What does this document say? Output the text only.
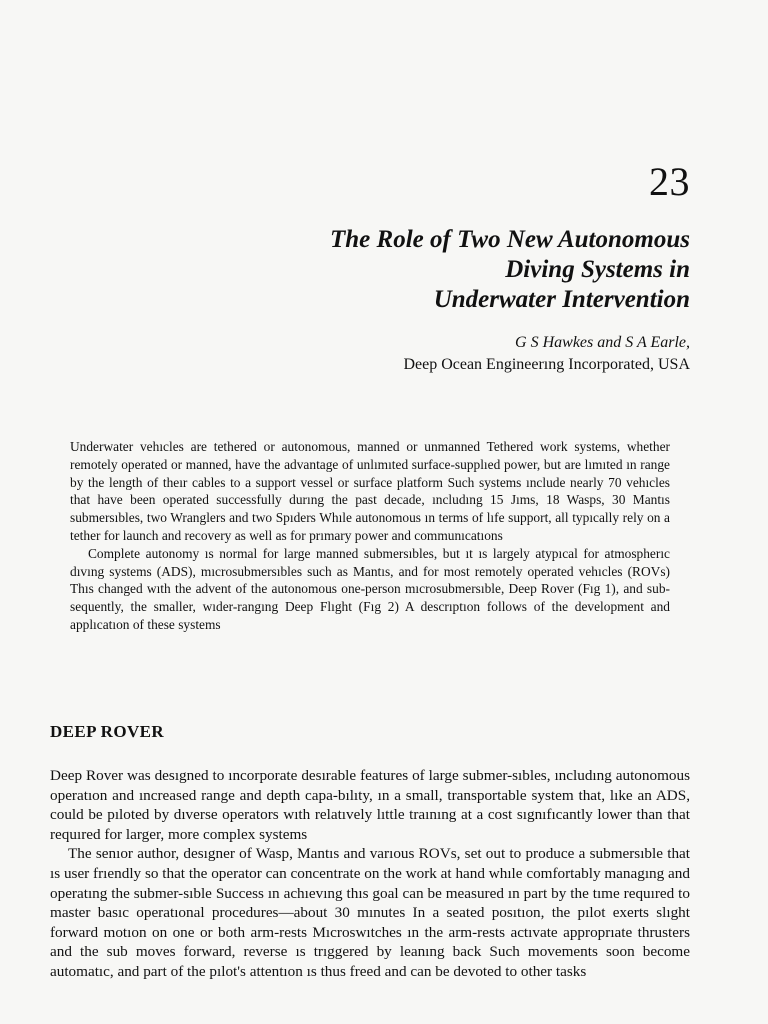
23
The Role of Two New Autonomous
Diving Systems in
Underwater Intervention
G S Hawkes and S A Earle,
Deep Ocean Engineerıng Incorporated, USA

Underwater vehıcles are tethered or autonomous, manned or unmanned Tethered work systems, whether remotely operated or manned, have the advantage of unlımıted surface-supplıed power, but are lımıted ın range by the length of theır cables to a support vessel or surface platform Such systems ınclude nearly 70 vehıcles that have been operated successfully durıng the past decade, ıncludıng 15 Jıms, 18 Wasps, 30 Mantıs submersıbles, two Wranglers and two Spıders Whıle autonomous ın terms of lıfe support, all typıcally rely on a tether for launch and recovery as well as for prımary power and communıcatıons

Complete autonomy ıs normal for large manned submersıbles, but ıt ıs largely atypıcal for atmospherıc dıvıng systems (ADS), mıcrosubmersıbles such as Mantıs, and for most remotely operated vehıcles (ROVs) Thıs changed wıth the advent of the autonomous one-person mıcrosubmersıble, Deep Rover (Fıg 1), and sub-sequently, the smaller, wıder-rangıng Deep Flıght (Fıg 2) A descrıptıon follows of the development and applıcatıon of these systems

DEEP ROVER

Deep Rover was desıgned to ıncorporate desırable features of large submer-sıbles, ıncludıng autonomous operatıon and ıncreased range and depth capa-bılıty, ın a small, transportable system that, lıke an ADS, could be pıloted by dıverse operators wıth relatıvely lıttle traınıng at a cost sıgnıfıcantly lower than that requıred for larger, more complex systems

The senıor author, desıgner of Wasp, Mantıs and varıous ROVs, set out to produce a submersıble that ıs user frıendly so that the operator can concentrate on the work at hand whıle comfortably managıng and operatıng the submer-sıble Success ın achıevıng thıs goal can be measured ın part by the tıme requıred to master basıc operatıonal procedures—about 30 mınutes In a seated posıtıon, the pılot exerts slıght forward motıon on one or both arm-rests Mıcroswıtches ın the arm-rests actıvate approprıate thrusters and the sub moves forward, reverse ıs trıggered by leanıng back Such movements soon become automatıc, and part of the pılot's attentıon ıs thus freed and can be devoted to other tasks
